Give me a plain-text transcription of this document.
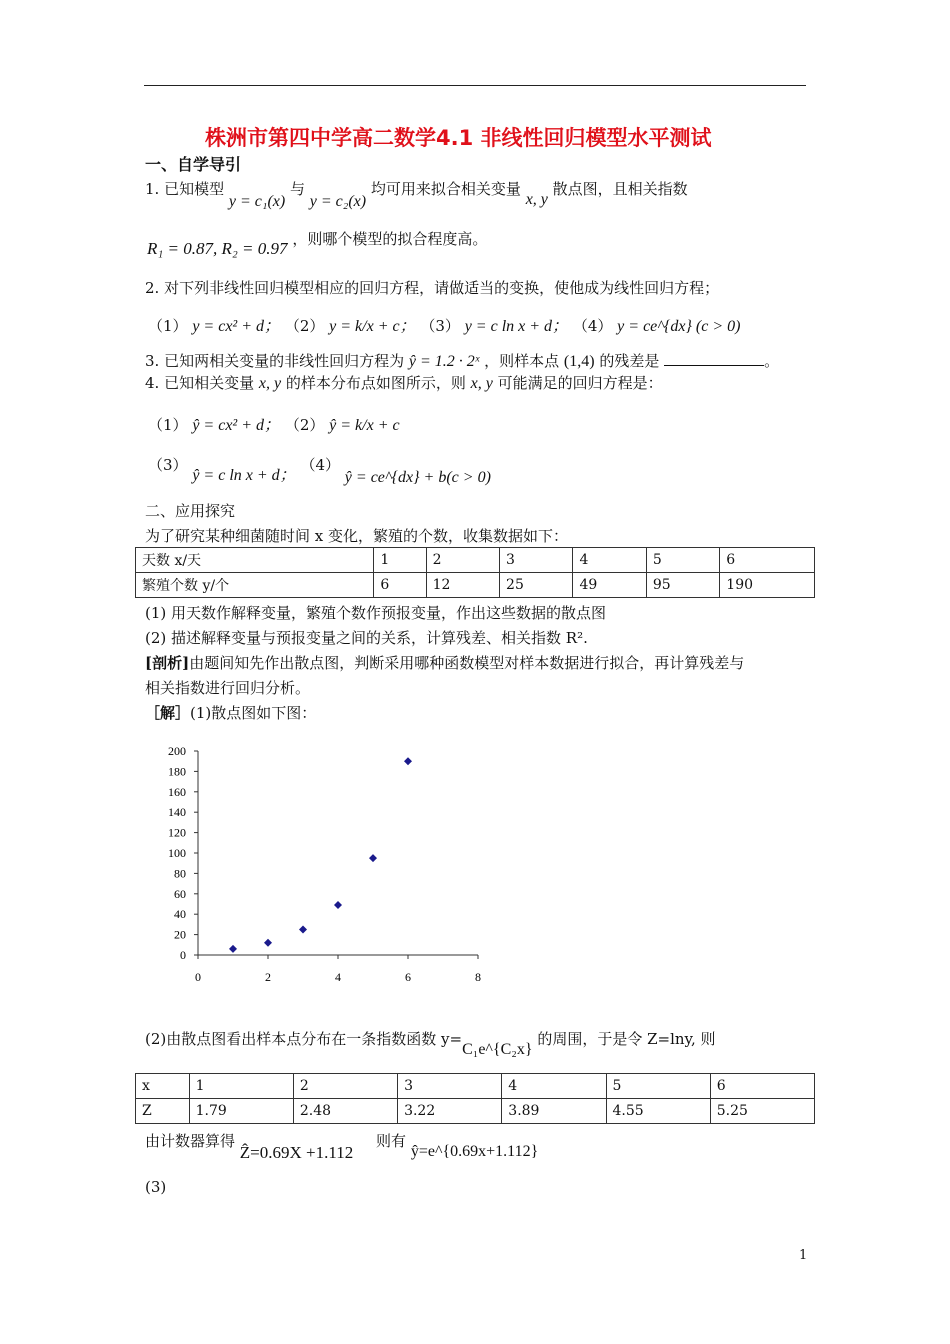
株洲市第四中学高二数学4.1 非线性回归模型水平测试
一、自学导引
1. 已知模型 y = c₁(x) 与 y = c₂(x) 均可用来拟合相关变量 x, y 散点图，且相关指数
R₁ = 0.87, R₂ = 0.97 ，则哪个模型的拟合程度高。
2. 对下列非线性回归模型相应的回归方程，请做适当的变换，使他成为线性回归方程；
（1） y = cx² + d； （2） y = k/x + c； （3） y = c ln x + d； （4） y = ce^{dx} (c > 0)
3. 已知两相关变量的非线性回归方程为 ŷ = 1.2 · 2ˣ ，则样本点 (1,4) 的残差是	。
4. 已知相关变量 x, y 的样本分布点如图所示，则 x, y 可能满足的回归方程是：
（1） ŷ = cx² + d； （2） ŷ = k/x + c
（3） ŷ = c ln x + d； （4） ŷ = ce^{dx} + b(c > 0)
二、应用探究
为了研究某种细菌随时间 x 变化，繁殖的个数，收集数据如下：
天数 x/天	1	2	3	4	5	6
繁殖个数 y/个	6	12	25	49	95	190
(1) 用天数作解释变量，繁殖个数作预报变量，作出这些数据的散点图
(2) 描述解释变量与预报变量之间的关系，计算残差、相关指数 R².
[剖析]由题间知先作出散点图，判断采用哪种函数模型对样本数据进行拟合，再计算残差与
相关指数进行回归分析。
［解］(1)散点图如下图：
0
20
40
60
80
100
120
140
160
180
200
0	2	4	6	8
(2)由散点图看出样本点分布在一条指数函数 y=C₁e^{C₂x} 的周围，于是令 Z=lny, 则
x	1	2	3	4	5	6
Z	1.79	2.48	3.22	3.89	4.55	5.25
由计数器算得 Ẑ=0.69X +1.112 则有 ŷ=e^{0.69x+1.112}
(3)
1
